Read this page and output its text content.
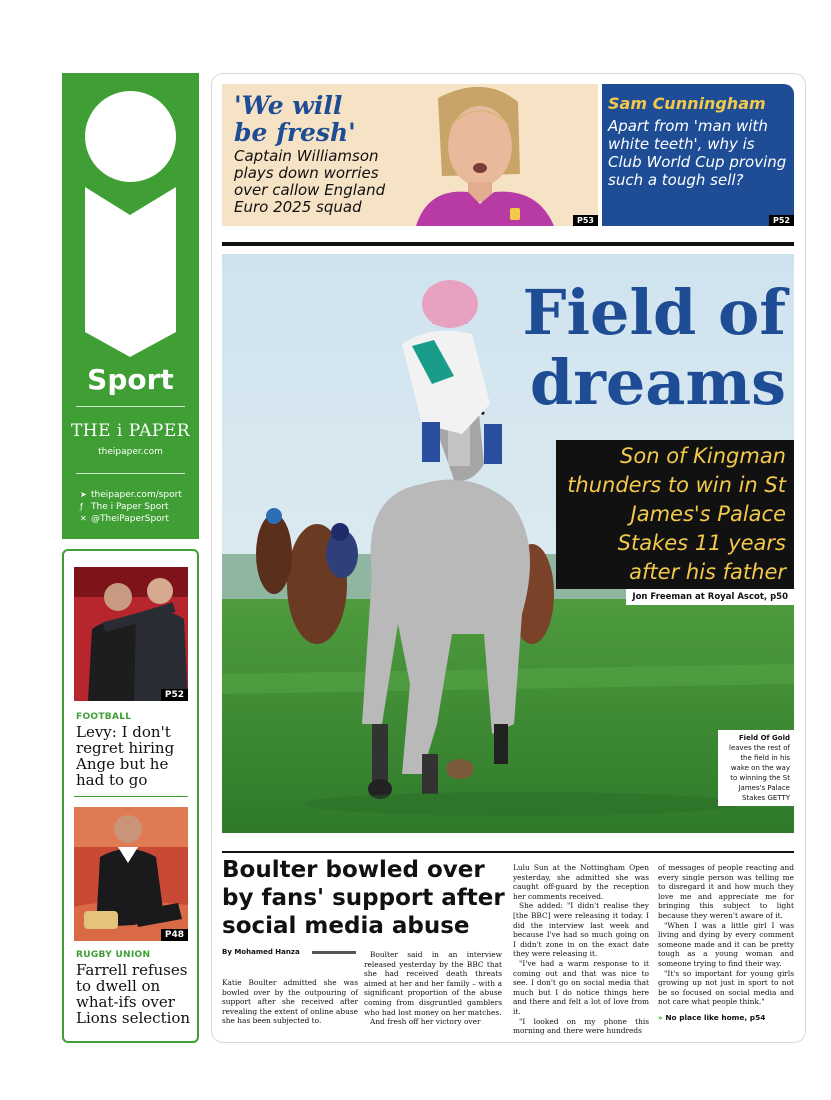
Sport
THE i PAPER
theipaper.com
➤ theipaper.com/sport
ƒ The i Paper Sport
✕ @TheiPaperSport
P52
FOOTBALL
Levy: I don't regret hiring Ange but he had to go
P48
RUGBY UNION
Farrell refuses to dwell on what-ifs over Lions selection
'We will be fresh'
Captain Williamson plays down worries over callow England Euro 2025 squad
P53
Sam Cunningham
Apart from 'man with white teeth', why is Club World Cup proving such a tough sell?
P52
Field of
dreams
Son of Kingman thunders to win in St James's Palace Stakes 11 years after his father
Jon Freeman at Royal Ascot, p50
Field Of Gold leaves the rest of the field in his wake on the way to winning the St James's Palace Stakes GETTY
Boulter bowled over by fans' support after social media abuse
By Mohamed Hanza

Katie Boulter admitted she was bowled over by the outpouring of support after she received after revealing the extent of online abuse she has been subjected to.

Boulter said in an interview released yesterday by the BBC that she had received death threats aimed at her and her family – with a significant proportion of the abuse coming from disgruntled gamblers who had lost money on her matches.

And fresh off her victory over

Lulu Sun at the Nottingham Open yesterday, she admitted she was caught off-guard by the reception her comments received.

She added: "I didn't realise they [the BBC] were releasing it today. I did the interview last week and because I've had so much going on I didn't zone in on the exact date they were releasing it.

"I've had a warm response to it coming out and that was nice to see. I don't go on social media that much but I do notice things here and there and felt a lot of love from it.

"I looked on my phone this morning and there were hundreds

of messages of people reacting and every single person was telling me to disregard it and how much they love me and appreciate me for bringing this subject to light because they weren't aware of it.

"When I was a little girl I was living and dying by every comment someone made and it can be pretty tough as a young woman and someone trying to find their way.

"It's so important for young girls growing up not just in sport to not be so focused on social media and not care what people think."

» No place like home, p54
